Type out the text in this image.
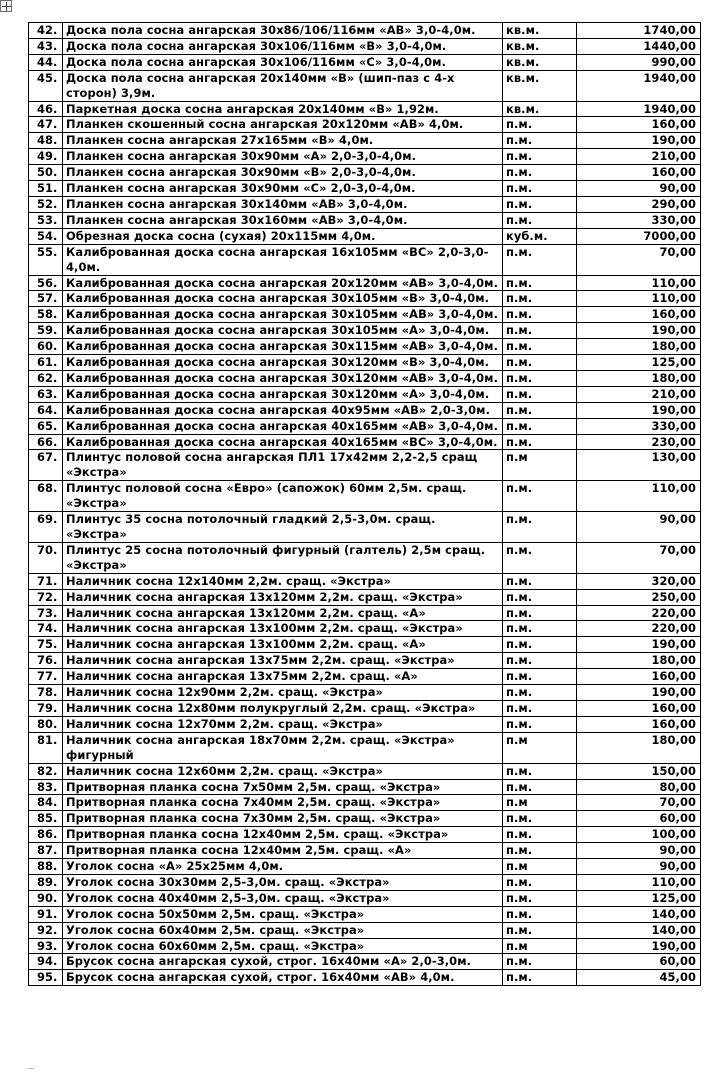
42.	Доска пола сосна ангарская 30х86/106/116мм «АВ» 3,0-4,0м.	кв.м.	1740,00
43.	Доска пола сосна ангарская 30х106/116мм «В» 3,0-4,0м.	кв.м.	1440,00
44.	Доска пола сосна ангарская 30х106/116мм «С» 3,0-4,0м.	кв.м.	990,00
45.	Доска пола сосна ангарская 20х140мм «В» (шип-паз с 4-х сторон) 3,9м.	кв.м.	1940,00
46.	Паркетная доска сосна ангарская 20х140мм «В» 1,92м.	кв.м.	1940,00
47.	Планкен скошенный сосна ангарская 20х120мм «АВ» 4,0м.	п.м.	160,00
48.	Планкен сосна ангарская 27х165мм «В» 4,0м.	п.м.	190,00
49.	Планкен сосна ангарская 30х90мм «А» 2,0-3,0-4,0м.	п.м.	210,00
50.	Планкен сосна ангарская 30х90мм «В» 2,0-3,0-4,0м.	п.м.	160,00
51.	Планкен сосна ангарская 30х90мм «С» 2,0-3,0-4,0м.	п.м.	90,00
52.	Планкен сосна ангарская 30х140мм «АВ» 3,0-4,0м.	п.м.	290,00
53.	Планкен сосна ангарская 30х160мм «АВ» 3,0-4,0м.	п.м.	330,00
54.	Обрезная доска сосна (сухая) 20х115мм 4,0м.	куб.м.	7000,00
55.	Калиброванная доска сосна ангарская 16х105мм «ВС» 2,0-3,0-4,0м.	п.м.	70,00
56.	Калиброванная доска сосна ангарская 20х120мм «АВ» 3,0-4,0м.	п.м.	110,00
57.	Калиброванная доска сосна ангарская 30х105мм «В» 3,0-4,0м.	п.м.	110,00
58.	Калиброванная доска сосна ангарская 30х105мм «АВ» 3,0-4,0м.	п.м.	160,00
59.	Калиброванная доска сосна ангарская 30х105мм «А» 3,0-4,0м.	п.м.	190,00
60.	Калиброванная доска сосна ангарская 30х115мм «АВ» 3,0-4,0м.	п.м.	180,00
61.	Калиброванная доска сосна ангарская 30х120мм «В» 3,0-4,0м.	п.м.	125,00
62.	Калиброванная доска сосна ангарская 30х120мм «АВ» 3,0-4,0м.	п.м.	180,00
63.	Калиброванная доска сосна ангарская 30х120мм «А» 3,0-4,0м.	п.м.	210,00
64.	Калиброванная доска сосна ангарская 40х95мм «АВ» 2,0-3,0м.	п.м.	190,00
65.	Калиброванная доска сосна ангарская 40х165мм «АВ» 3,0-4,0м.	п.м.	330,00
66.	Калиброванная доска сосна ангарская 40х165мм «ВС» 3,0-4,0м.	п.м.	230,00
67.	Плинтус половой сосна ангарская ПЛ1 17х42мм 2,2-2,5 сращ «Экстра»	п.м	130,00
68.	Плинтус половой сосна «Евро» (сапожок) 60мм 2,5м. сращ. «Экстра»	п.м.	110,00
69.	Плинтус 35 сосна потолочный гладкий 2,5-3,0м. сращ. «Экстра»	п.м.	90,00
70.	Плинтус 25 сосна потолочный фигурный (галтель) 2,5м сращ. «Экстра»	п.м.	70,00
71.	Наличник сосна 12х140мм 2,2м. сращ. «Экстра»	п.м.	320,00
72.	Наличник сосна ангарская 13х120мм 2,2м. сращ. «Экстра»	п.м.	250,00
73.	Наличник сосна ангарская 13х120мм 2,2м. сращ. «А»	п.м.	220,00
74.	Наличник сосна ангарская 13х100мм 2,2м. сращ. «Экстра»	п.м.	220,00
75.	Наличник сосна ангарская 13х100мм 2,2м. сращ. «А»	п.м.	190,00
76.	Наличник сосна ангарская 13х75мм 2,2м. сращ. «Экстра»	п.м.	180,00
77.	Наличник сосна ангарская 13х75мм 2,2м. сращ. «А»	п.м.	160,00
78.	Наличник сосна 12х90мм 2,2м. сращ. «Экстра»	п.м.	190,00
79.	Наличник сосна 12х80мм полукруглый 2,2м. сращ. «Экстра»	п.м.	160,00
80.	Наличник сосна 12х70мм 2,2м. сращ. «Экстра»	п.м.	160,00
81.	Наличник сосна ангарская 18х70мм 2,2м. сращ. «Экстра» фигурный	п.м	180,00
82.	Наличник сосна 12х60мм 2,2м. сращ. «Экстра»	п.м.	150,00
83.	Притворная планка сосна 7х50мм 2,5м. сращ. «Экстра»	п.м.	80,00
84.	Притворная планка сосна 7х40мм 2,5м. сращ. «Экстра»	п.м	70,00
85.	Притворная планка сосна 7х30мм 2,5м. сращ. «Экстра»	п.м.	60,00
86.	Притворная планка сосна 12х40мм 2,5м. сращ. «Экстра»	п.м.	100,00
87.	Притворная планка сосна 12х40мм 2,5м. сращ. «А»	п.м.	90,00
88.	Уголок сосна «А» 25х25мм 4,0м.	п.м	90,00
89.	Уголок сосна 30х30мм 2,5-3,0м. сращ. «Экстра»	п.м.	110,00
90.	Уголок сосна 40х40мм 2,5-3,0м. сращ. «Экстра»	п.м.	125,00
91.	Уголок сосна 50х50мм 2,5м. сращ. «Экстра»	п.м.	140,00
92.	Уголок сосна 60х40мм 2,5м. сращ. «Экстра»	п.м.	140,00
93.	Уголок сосна 60х60мм 2,5м. сращ. «Экстра»	п.м	190,00
94.	Брусок сосна ангарская сухой, строг. 16х40мм «А» 2,0-3,0м.	п.м.	60,00
95.	Брусок сосна ангарская сухой, строг. 16х40мм «АВ» 4,0м.	п.м.	45,00
